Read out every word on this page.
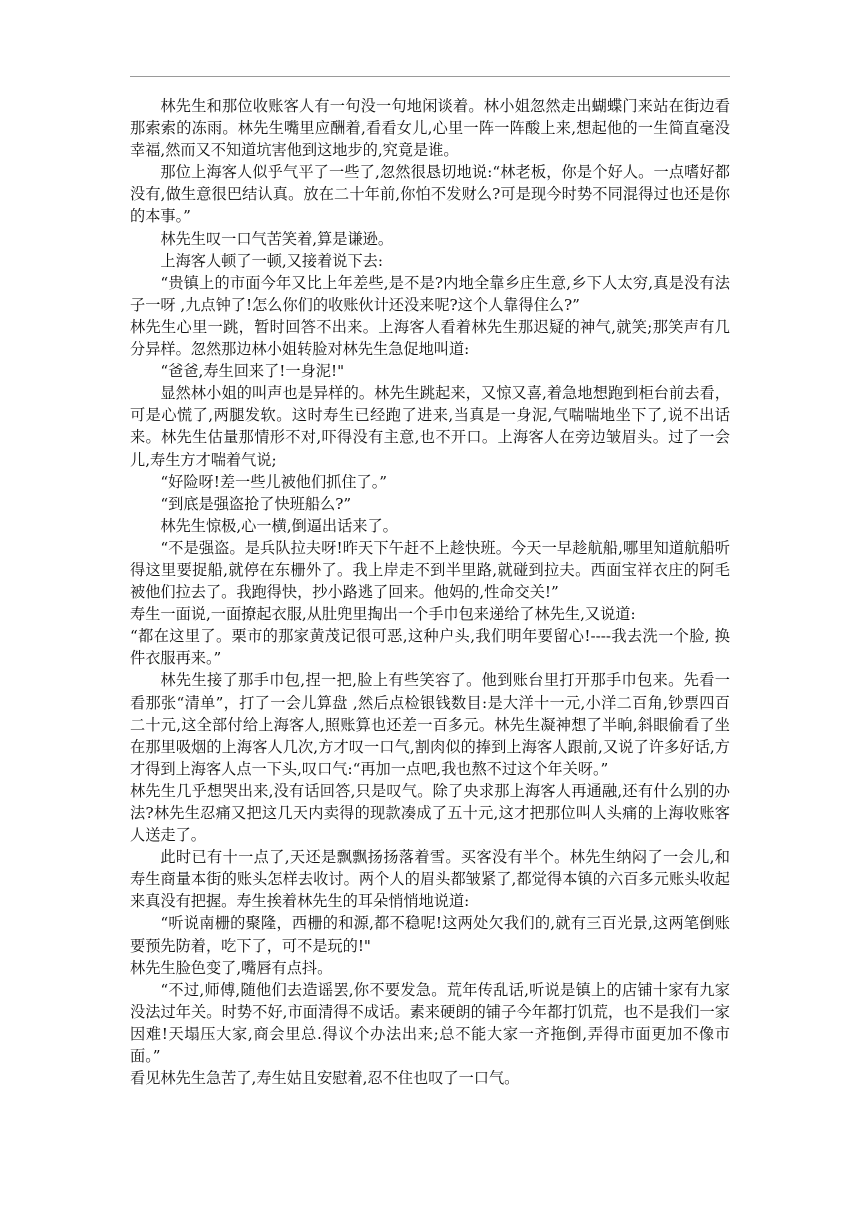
林先生和那位收账客人有一句没一句地闲谈着。林小姐忽然走出蝴蝶门来站在街边看那索索的冻雨。林先生嘴里应酬着,看看女儿,心里一阵一阵酸上来,想起他的一生简直毫没幸福,然而又不知道坑害他到这地步的,究竟是谁。

那位上海客人似乎气平了一些了,忽然很恳切地说:“林老板，你是个好人。一点嗜好都没有,做生意很巴结认真。放在二十年前,你怕不发财么?可是现今时势不同混得过也还是你的本事。”

林先生叹一口气苦笑着,算是谦逊。

上海客人顿了一顿,又接着说下去:

“贵镇上的市面今年又比上年差些,是不是?内地全靠乡庄生意,乡下人太穷,真是没有法子一呀 ,九点钟了!怎么你们的收账伙计还没来呢?这个人靠得住么?”

林先生心里一跳，暂时回答不出来。上海客人看着林先生那迟疑的神气,就笑;那笑声有几分异样。忽然那边林小姐转脸对林先生急促地叫道:

“爸爸,寿生回来了!一身泥!"

显然林小姐的叫声也是异样的。林先生跳起来，又惊又喜,着急地想跑到柜台前去看，可是心慌了,两腿发软。这时寿生已经跑了进来,当真是一身泥,气喘喘地坐下了,说不出话来。林先生估量那情形不对,吓得没有主意,也不开口。上海客人在旁边皱眉头。过了一会儿,寿生方才喘着气说;

“好险呀!差一些儿被他们抓住了。”

“到底是强盗抢了快班船么?”

林先生惊极,心一横,倒逼出话来了。

“不是强盗。是兵队拉夫呀!昨天下午赶不上趁快班。今天一早趁航船,哪里知道航船听得这里要捉船,就停在东栅外了。我上岸走不到半里路,就碰到拉夫。西面宝祥衣庄的阿毛被他们拉去了。我跑得快，抄小路逃了回来。他妈的,性命交关!”

寿生一面说,一面撩起衣服,从肚兜里掏出一个手巾包来递给了林先生,又说道:

“都在这里了。栗市的那家黄茂记很可恶,这种户头,我们明年要留心!----我去洗一个脸, 换件衣服再来。”

林先生接了那手巾包,捏一把,脸上有些笑容了。他到账台里打开那手巾包来。先看一看那张“清单”，打了一会儿算盘 ,然后点检银钱数目:是大洋十一元,小洋二百角,钞票四百二十元,这全部付给上海客人,照账算也还差一百多元。林先生凝神想了半晌,斜眼偷看了坐在那里吸烟的上海客人几次,方才叹一口气,割肉似的捧到上海客人跟前,又说了许多好话,方才得到上海客人点一下头,叹口气:“再加一点吧,我也熬不过这个年关呀。”

林先生几乎想哭出来,没有话回答,只是叹气。除了央求那上海客人再通融,还有什么别的办法?林先生忍痛又把这几天内卖得的现款凑成了五十元,这才把那位叫人头痛的上海收账客人送走了。

此时已有十一点了,天还是飘飘扬扬落着雪。买客没有半个。林先生纳闷了一会儿,和寿生商量本街的账头怎样去收讨。两个人的眉头都皱紧了,都觉得本镇的六百多元账头收起来真没有把握。寿生挨着林先生的耳朵悄悄地说道:

“听说南栅的聚隆，西栅的和源,都不稳呢!这两处欠我们的,就有三百光景,这两笔倒账要预先防着，吃下了，可不是玩的!"

林先生脸色变了,嘴唇有点抖。

“不过,师傅,随他们去造谣罢,你不要发急。荒年传乱话,听说是镇上的店铺十家有九家没法过年关。时势不好,市面清得不成话。素来硬朗的铺子今年都打饥荒，也不是我们一家因难!天塌压大家,商会里总.得议个办法出来;总不能大家一齐拖倒,弄得市面更加不像市面。”

看见林先生急苦了,寿生姑且安慰着,忍不住也叹了一口气。
